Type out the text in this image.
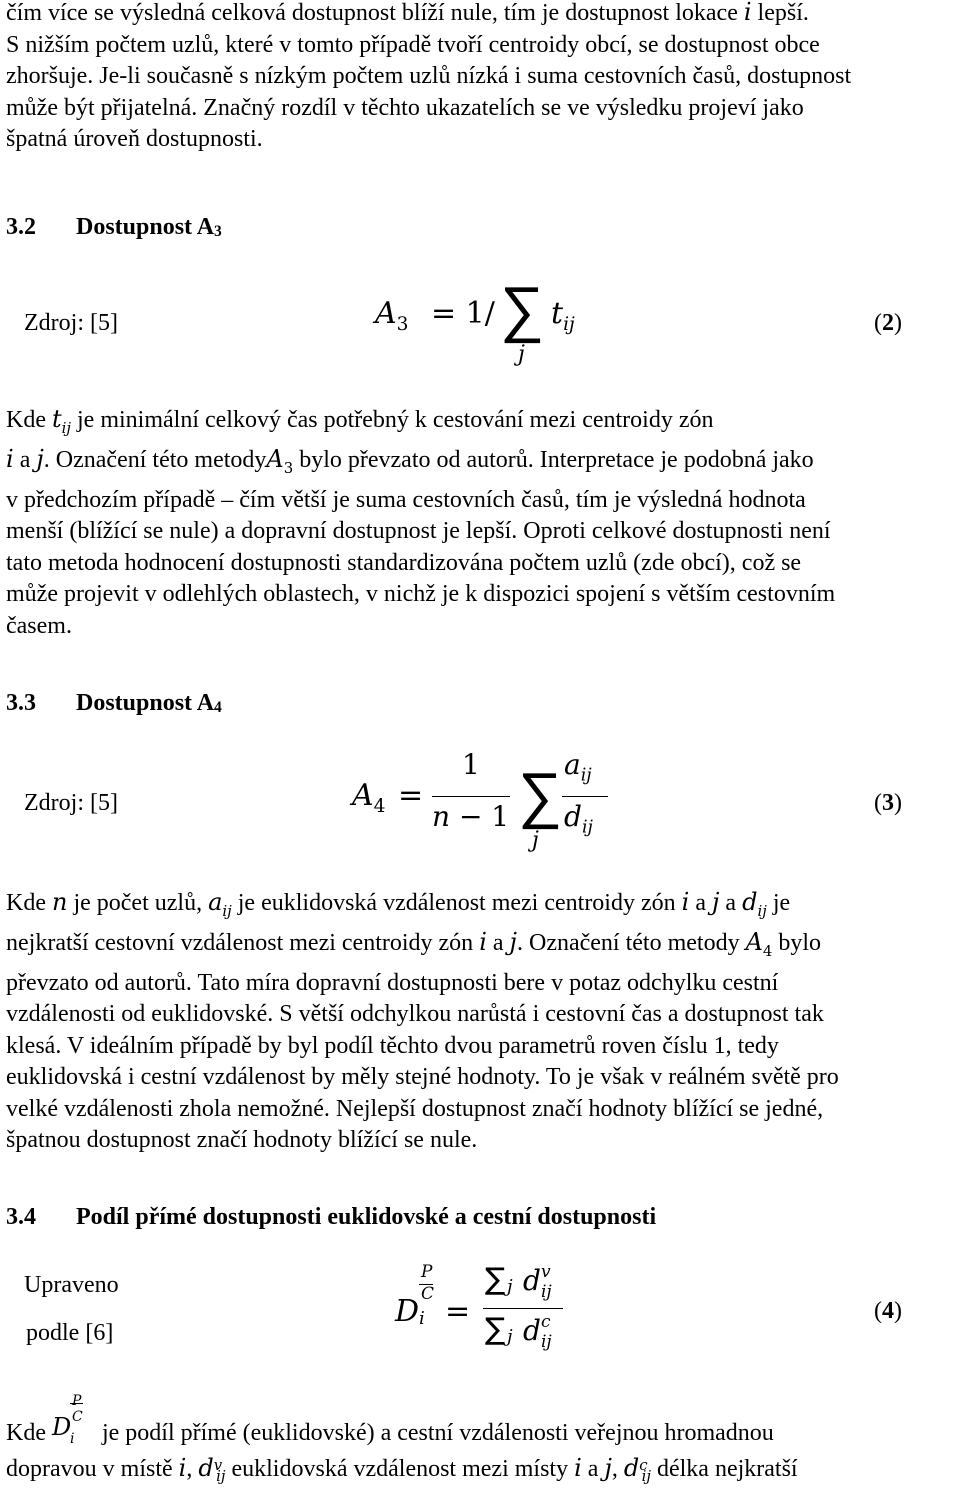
čím více se výsledná celková dostupnost blíží nule, tím je dostupnost lokace i lepší.
S nižším počtem uzlů, které v tomto případě tvoří centroidy obcí, se dostupnost obce
zhoršuje. Je-li současně s nízkým počtem uzlů nízká i suma cestovních časů, dostupnost
může být přijatelná. Značný rozdíl v těchto ukazatelích se ve výsledku projeví jako
špatná úroveň dostupnosti.
3.2 Dostupnost $A_3$
Zdroj: [5]	$A_3 = 1/$ ∑
j
$t_{ij}$	(2)
Kde $t_{ij}$ je minimální celkový čas potřebný k cestování mezi centroidy zón
i a j. Označení této metodyA$_3$ bylo převzato od autorů. Interpretace je podobná jako
v předchozím případě – čím větší je suma cestovních časů, tím je výsledná hodnota
menší (blížící se nule) a dopravní dostupnost je lepší. Oproti celkové dostupnosti není
tato metoda hodnocení dostupnosti standardizována počtem uzlů (zde obcí), což se
může projevit v odlehlých oblastech, v nichž je k dispozici spojení s větším cestovním
časem.
3.3 Dostupnost $A_4$
Zdroj: [5]	$A_4$ =
1
n − 1 ∑
j
$a_{ij}$
$d_{ij}$
(3)
Kde n je počet uzlů, $a_{ij}$ je euklidovská vzdálenost mezi centroidy zón i a j a $d_{ij}$ je
nejkratší cestovní vzdálenost mezi centroidy zón i a j. Označení této metody $A_4$ bylo
převzato od autorů. Tato míra dopravní dostupnosti bere v potaz odchylku cestní
vzdálenosti od euklidovské. S větší odchylkou narůstá i cestovní čas a dostupnost tak
klesá. V ideálním případě by byl podíl těchto dvou parametrů roven číslu 1, tedy
euklidovská i cestní vzdálenost by měly stejné hodnoty. To je však v reálném světě pro
velké vzdálenosti zhola nemožné. Nejlepší dostupnost značí hodnoty blížící se jedné,
špatnou dostupnost značí hodnoty blížící se nule.
3.4 Podíl přímé dostupnosti euklidovské a cestní dostupnosti
Upraveno
podle [6]
D
P
C
i =
∑ j d v
ij
∑ j d c
ij
(4)
Kde D
P
C
i je podíl přímé (euklidovské) a cestní vzdálenosti veřejnou hromadnou
dopravou v místě i, $d^v_{ij}$ euklidovská vzdálenost mezi místy i a j, $d^c_{ij}$ délka nejkratší
